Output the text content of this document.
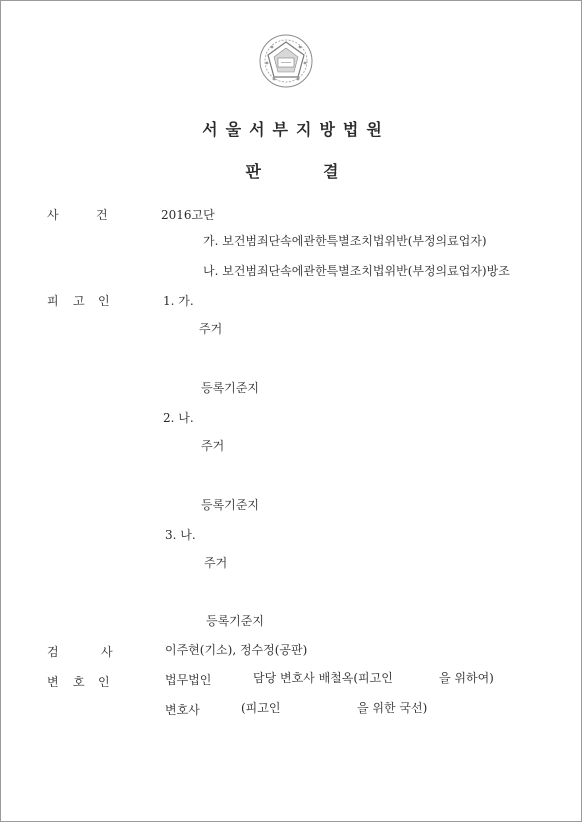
서울서부지방법원
판결
사	건	2016고단
가. 보건범죄단속에관한특별조치법위반(부정의료업자)
나. 보건범죄단속에관한특별조치법위반(부정의료업자)방조
피 고 인	1. 가.
주거
등록기준지
2. 나.
주거
등록기준지
3. 나.
주거
등록기준지
검	사	이주현(기소), 정수정(공판)
변 호 인	법무법인	담당 변호사 배철옥(피고인	을 위하여)
변호사	(피고인	을 위한 국선)
